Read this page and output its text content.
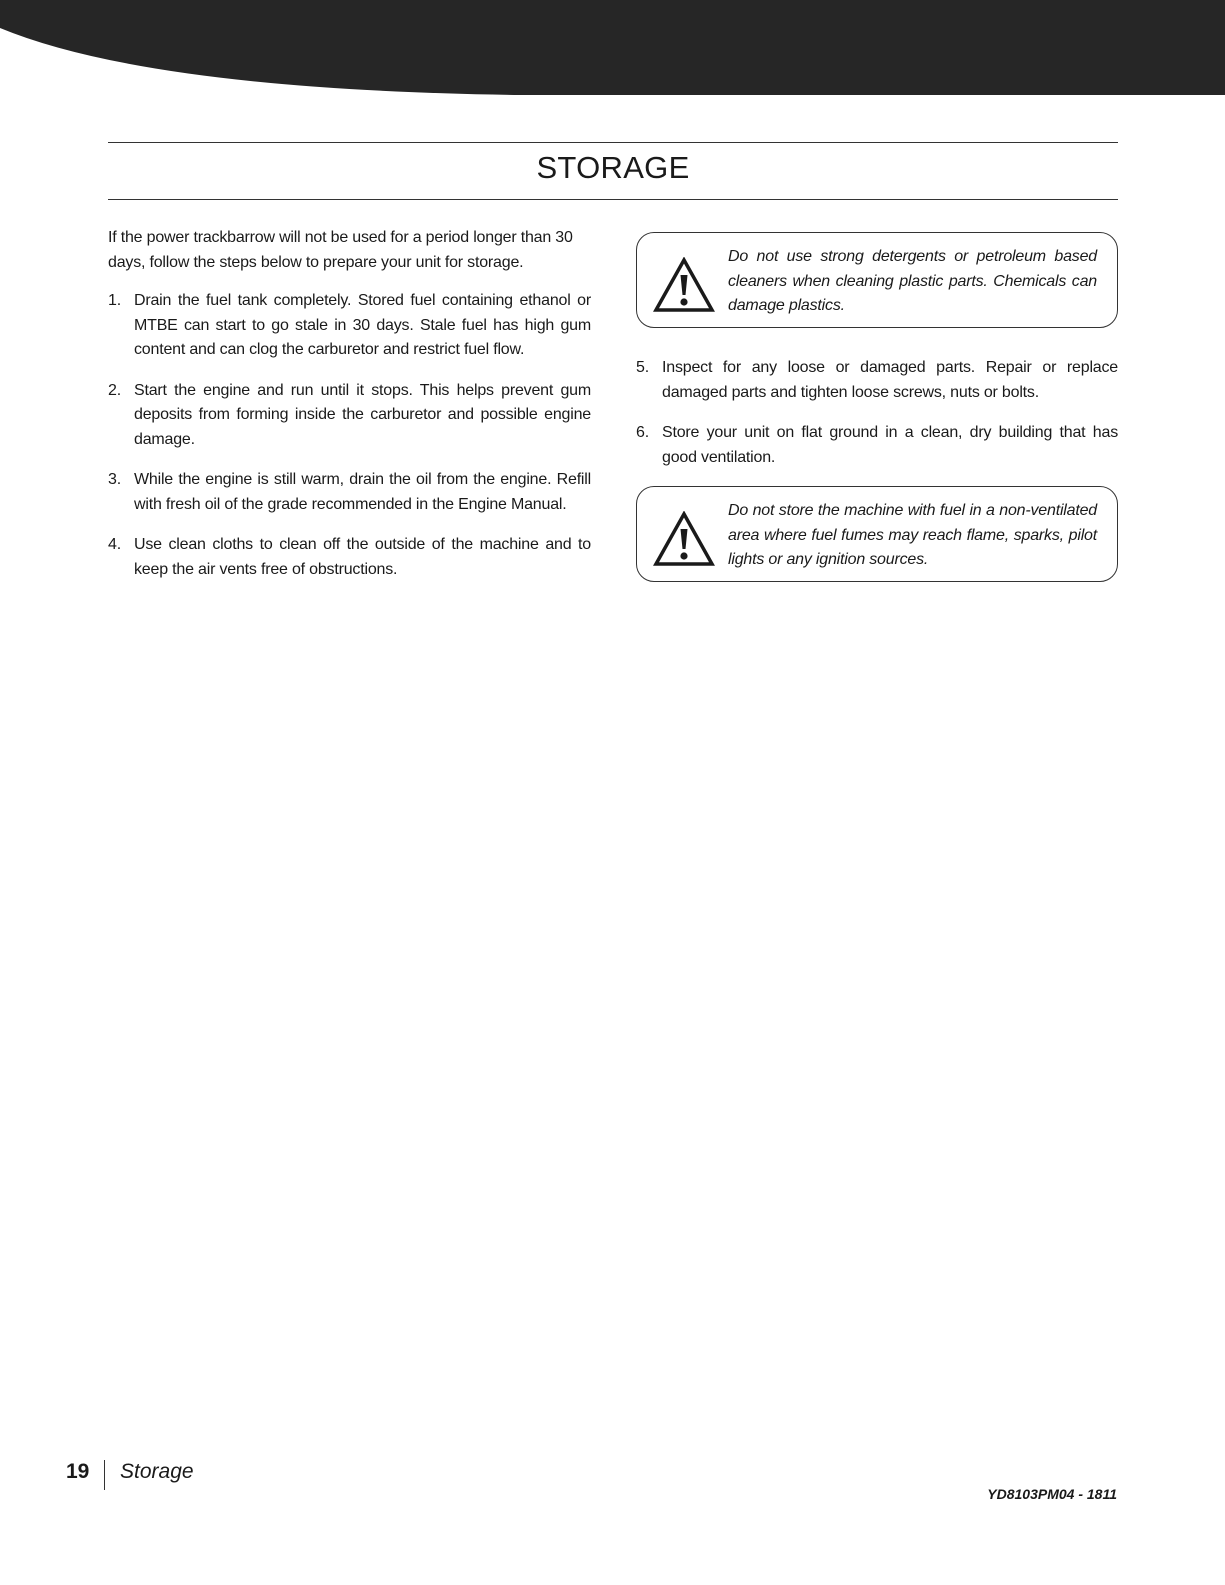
STORAGE

If the power trackbarrow will not be used for a period longer than 30 days, follow the steps below to prepare your unit for storage.

1. Drain the fuel tank completely. Stored fuel containing ethanol or MTBE can start to go stale in 30 days. Stale fuel has high gum content and can clog the carburetor and restrict fuel flow.
2. Start the engine and run until it stops. This helps prevent gum deposits from forming inside the carburetor and possible engine damage.
3. While the engine is still warm, drain the oil from the engine. Refill with fresh oil of the grade recommended in the Engine Manual.
4. Use clean cloths to clean off the outside of the machine and to keep the air vents free of obstructions.
Do not use strong detergents or petroleum based cleaners when cleaning plastic parts. Chemicals can damage plastics.
5. Inspect for any loose or damaged parts. Repair or replace damaged parts and tighten loose screws, nuts or bolts.
6. Store your unit on flat ground in a clean, dry building that has good ventilation.
Do not store the machine with fuel in a non-ventilated area where fuel fumes may reach flame, sparks, pilot lights or any ignition sources.
19 Storage
YD8103PM04 - 1811
